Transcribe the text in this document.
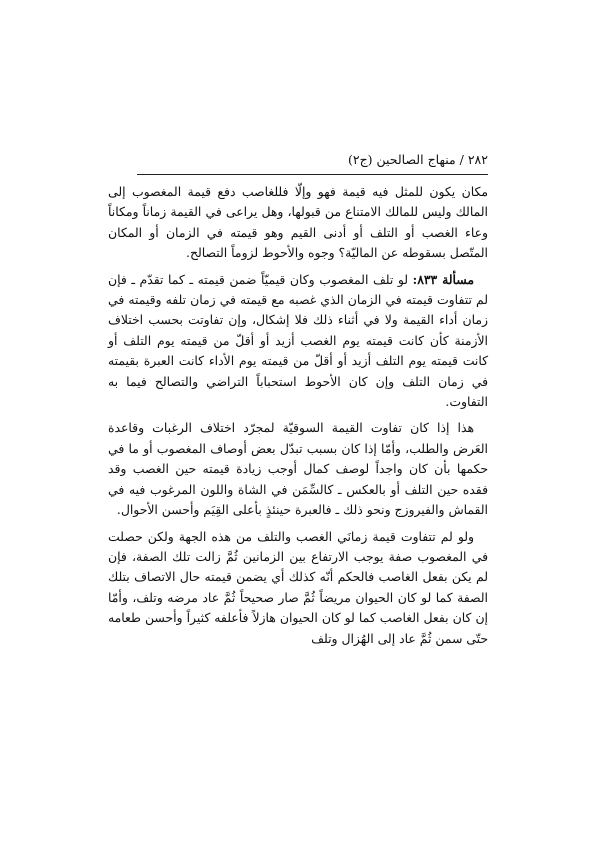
٢٨٢ / منهاج الصالحين (ج٢)

مكان يكون للمثل فيه قيمة فهو وإلّا فللغاصب دفع قيمة المغصوب إلى المالك وليس للمالك الامتناع من قبولها، وهل يراعى في القيمة زماناً ومكاناً وعاء الغصب أو التلف أو أدنى القيم وهو قيمته في الزمان أو المكان المتّصل بسقوطه عن الماليّة؟ وجوه والأحوط لزوماً التصالح.

مسألة ٨٣٣: لو تلف المغصوب وكان قيميّاً ضمن قيمته ـ كما تقدّم ـ فإن لم تتفاوت قيمته في الزمان الذي غصبه مع قيمته في زمان تلفه وقيمته في زمان أداء القيمة ولا في أثناء ذلك فلا إشكال، وإن تفاوتت بحسب اختلاف الأزمنة كأن كانت قيمته يوم الغصب أزيد أو أقلّ من قيمته يوم التلف أو كانت قيمته يوم التلف أزيد أو أقلّ من قيمته يوم الأداء كانت العبرة بقيمته في زمان التلف وإن كان الأحوط استحباباً التراضي والتصالح فيما به التفاوت.

هذا إذا كان تفاوت القيمة السوقيّة لمجرّد اختلاف الرغبات وقاعدة العَرض والطلب، وأمّا إذا كان بسبب تبدّل بعض أوصاف المغصوب أو ما في حكمها بأن كان واجداً لوصف كمال أوجب زيادة قيمته حين الغصب وقد فقده حين التلف أو بالعكس ـ كالسِّمَن في الشاة واللون المرغوب فيه في القماش والفيروزج ونحو ذلك ـ فالعبرة حينئذٍ بأعلى القِيَم وأحسن الأحوال.

ولو لم تتفاوت قيمة زمانَي الغصب والتلف من هذه الجهة ولكن حصلت في المغصوب صفة يوجب الارتفاع بين الزمانين ثُمَّ زالت تلك الصفة، فإن لم يكن بفعل الغاصب فالحكم أنّه كذلك أي يضمن قيمته حال الاتصاف بتلك الصفة كما لو كان الحيوان مريضاً ثُمَّ صار صحيحاً ثُمَّ عاد مرضه وتلف، وأمّا إن كان بفعل الغاصب كما لو كان الحيوان هازلاً فأعلفه كثيراً وأحسن طعامه حتّى سمن ثُمَّ عاد إلى الهُزال وتلف
